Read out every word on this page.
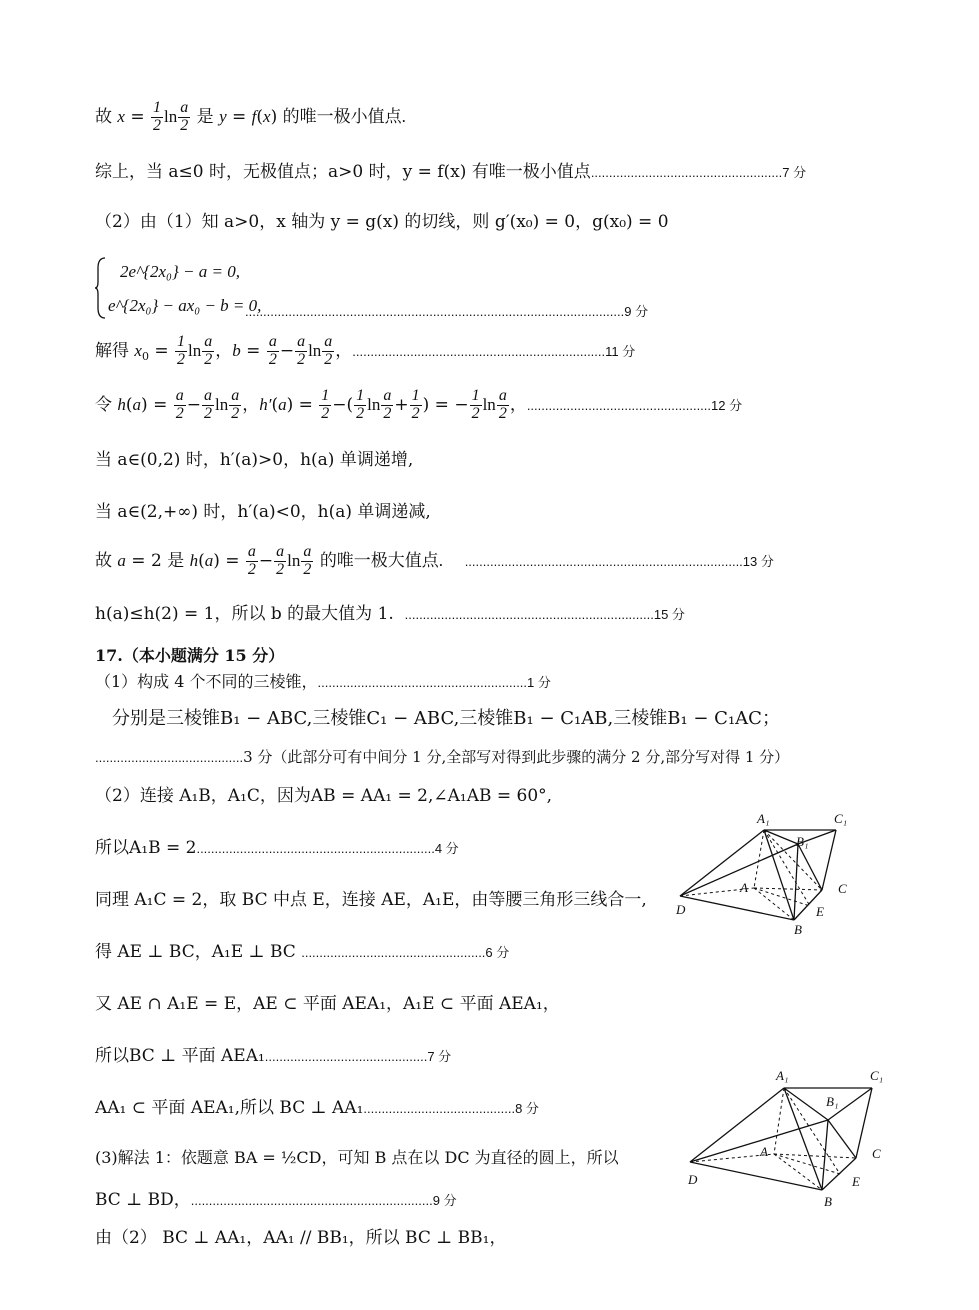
故 $x = \frac{1}{2}$ $\ln \frac{a}{2}$ 是 y = f(x) 的唯一极小值点.
综上，当 a≤0 时，无极值点；a>0 时，y = f(x) 有唯一极小值点.....................................................7 分
（2）由（1）知 a>0，x 轴为 y = g(x) 的切线，则 g′(x₀) = 0，g(x₀) = 0
2e^{2x₀} − a = 0,
e^{2x₀} − ax₀ − b = 0,
.........................................................................................................9 分
解得 $x_0 = \frac{1}{2}$ $\ln \frac{a}{2}$ ，$b = \frac{a}{2} - \frac{a}{2}$ $\ln \frac{a}{2}$ ，......................................................................11 分
令 $h(a) = \frac{a}{2} - \frac{a}{2}$ $\ln \frac{a}{2}$ ，$h'(a) = \frac{1}{2}$ −( $\frac{1}{2}$ $\ln \frac{a}{2} + \frac{1}{2}$ ) = − $\frac{1}{2}$ $\ln \frac{a}{2}$ ，...................................................12 分
当 a∈(0,2) 时，h′(a)>0，h(a) 单调递增,
当 a∈(2,+∞) 时，h′(a)<0，h(a) 单调递减,
故 a = 2 是 $h(a) = \frac{a}{2} - \frac{a}{2}$ $\ln \frac{a}{2}$ 的唯一极大值点. .............................................................................13 分
h(a)≤h(2) = 1，所以 b 的最大值为 1. .....................................................................15 分
17.（本小题满分 15 分）
（1）构成 4 个不同的三棱锥，..........................................................1 分
分别是三棱锥B₁ − ABC,三棱锥C₁ − ABC,三棱锥B₁ − C₁AB,三棱锥B₁ − C₁AC；
.........................................3 分（此部分可有中间分 1 分,全部写对得到此步骤的满分 2 分,部分写对得 1 分）
（2）连接 A₁B，A₁C，因为AB = AA₁ = 2,∠A₁AB = 60°,
所以A₁B = 2..................................................................4 分
同理 A₁C = 2，取 BC 中点 E，连接 AE，A₁E，由等腰三角形三线合一,
得 AE ⊥ BC，A₁E ⊥ BC ...................................................6 分
又 AE ∩ A₁E = E，AE ⊂ 平面 AEA₁，A₁E ⊂ 平面 AEA₁，
所以BC ⊥ 平面 AEA₁.............................................7 分
AA₁ ⊂ 平面 AEA₁,所以 BC ⊥ AA₁..........................................8 分
(3)解法 1：依题意 BA = ½CD，可知 B 点在以 DC 为直径的圆上，所以
BC ⊥ BD，...................................................................9 分
由（2） BC ⊥ AA₁，AA₁ // BB₁，所以 BC ⊥ BB₁，
A₁	C₁
B₁
A	C
D	E
B
A₁	C₁
B₁
A	C
D	E
B
